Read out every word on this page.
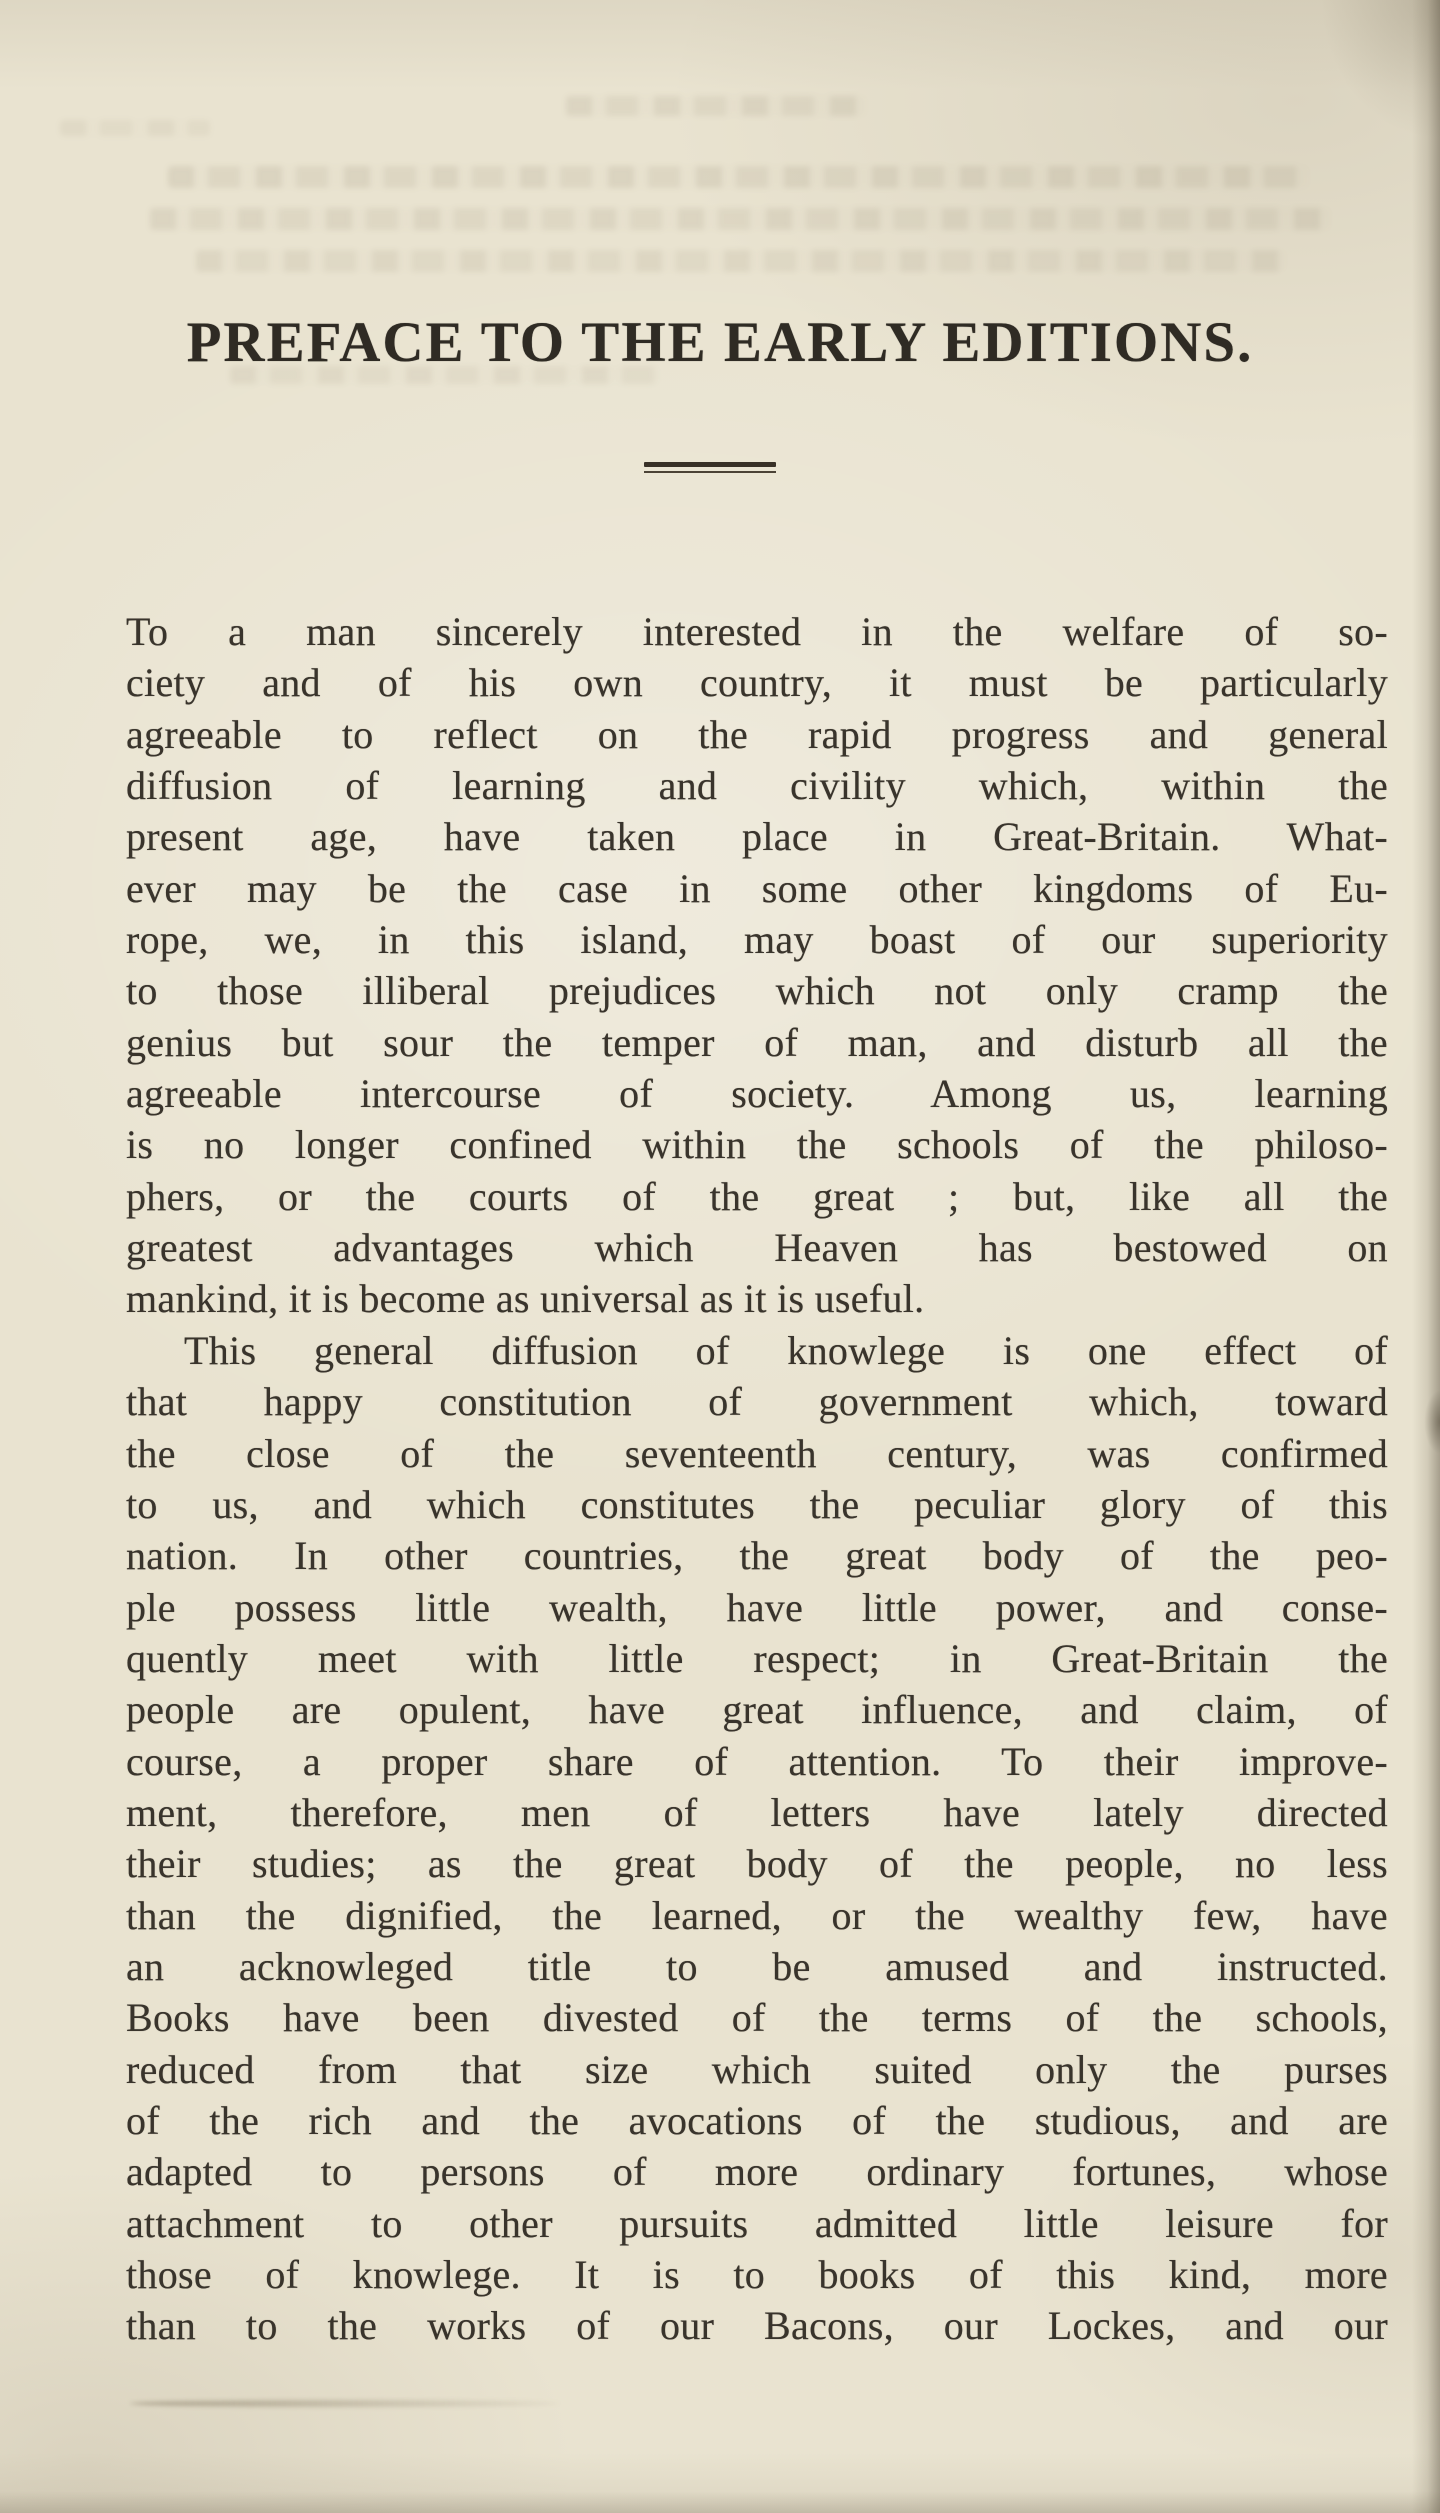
PREFACE TO THE EARLY EDITIONS.
To a man sincerely interested in the welfare of so-
ciety and of his own country, it must be particularly
agreeable to reflect on the rapid progress and general
diffusion of learning and civility which, within the
present age, have taken place in Great-Britain. What-
ever may be the case in some other kingdoms of Eu-
rope, we, in this island, may boast of our superiority
to those illiberal prejudices which not only cramp the
genius but sour the temper of man, and disturb all the
agreeable intercourse of society. Among us, learning
is no longer confined within the schools of the philoso-
phers, or the courts of the great ; but, like all the
greatest advantages which Heaven has bestowed on
mankind, it is become as universal as it is useful.
This general diffusion of knowlege is one effect of
that happy constitution of government which, toward
the close of the seventeenth century, was confirmed
to us, and which constitutes the peculiar glory of this
nation. In other countries, the great body of the peo-
ple possess little wealth, have little power, and conse-
quently meet with little respect; in Great-Britain the
people are opulent, have great influence, and claim, of
course, a proper share of attention. To their improve-
ment, therefore, men of letters have lately directed
their studies; as the great body of the people, no less
than the dignified, the learned, or the wealthy few, have
an acknowleged title to be amused and instructed.
Books have been divested of the terms of the schools,
reduced from that size which suited only the purses
of the rich and the avocations of the studious, and are
adapted to persons of more ordinary fortunes, whose
attachment to other pursuits admitted little leisure for
those of knowlege. It is to books of this kind, more
than to the works of our Bacons, our Lockes, and our
